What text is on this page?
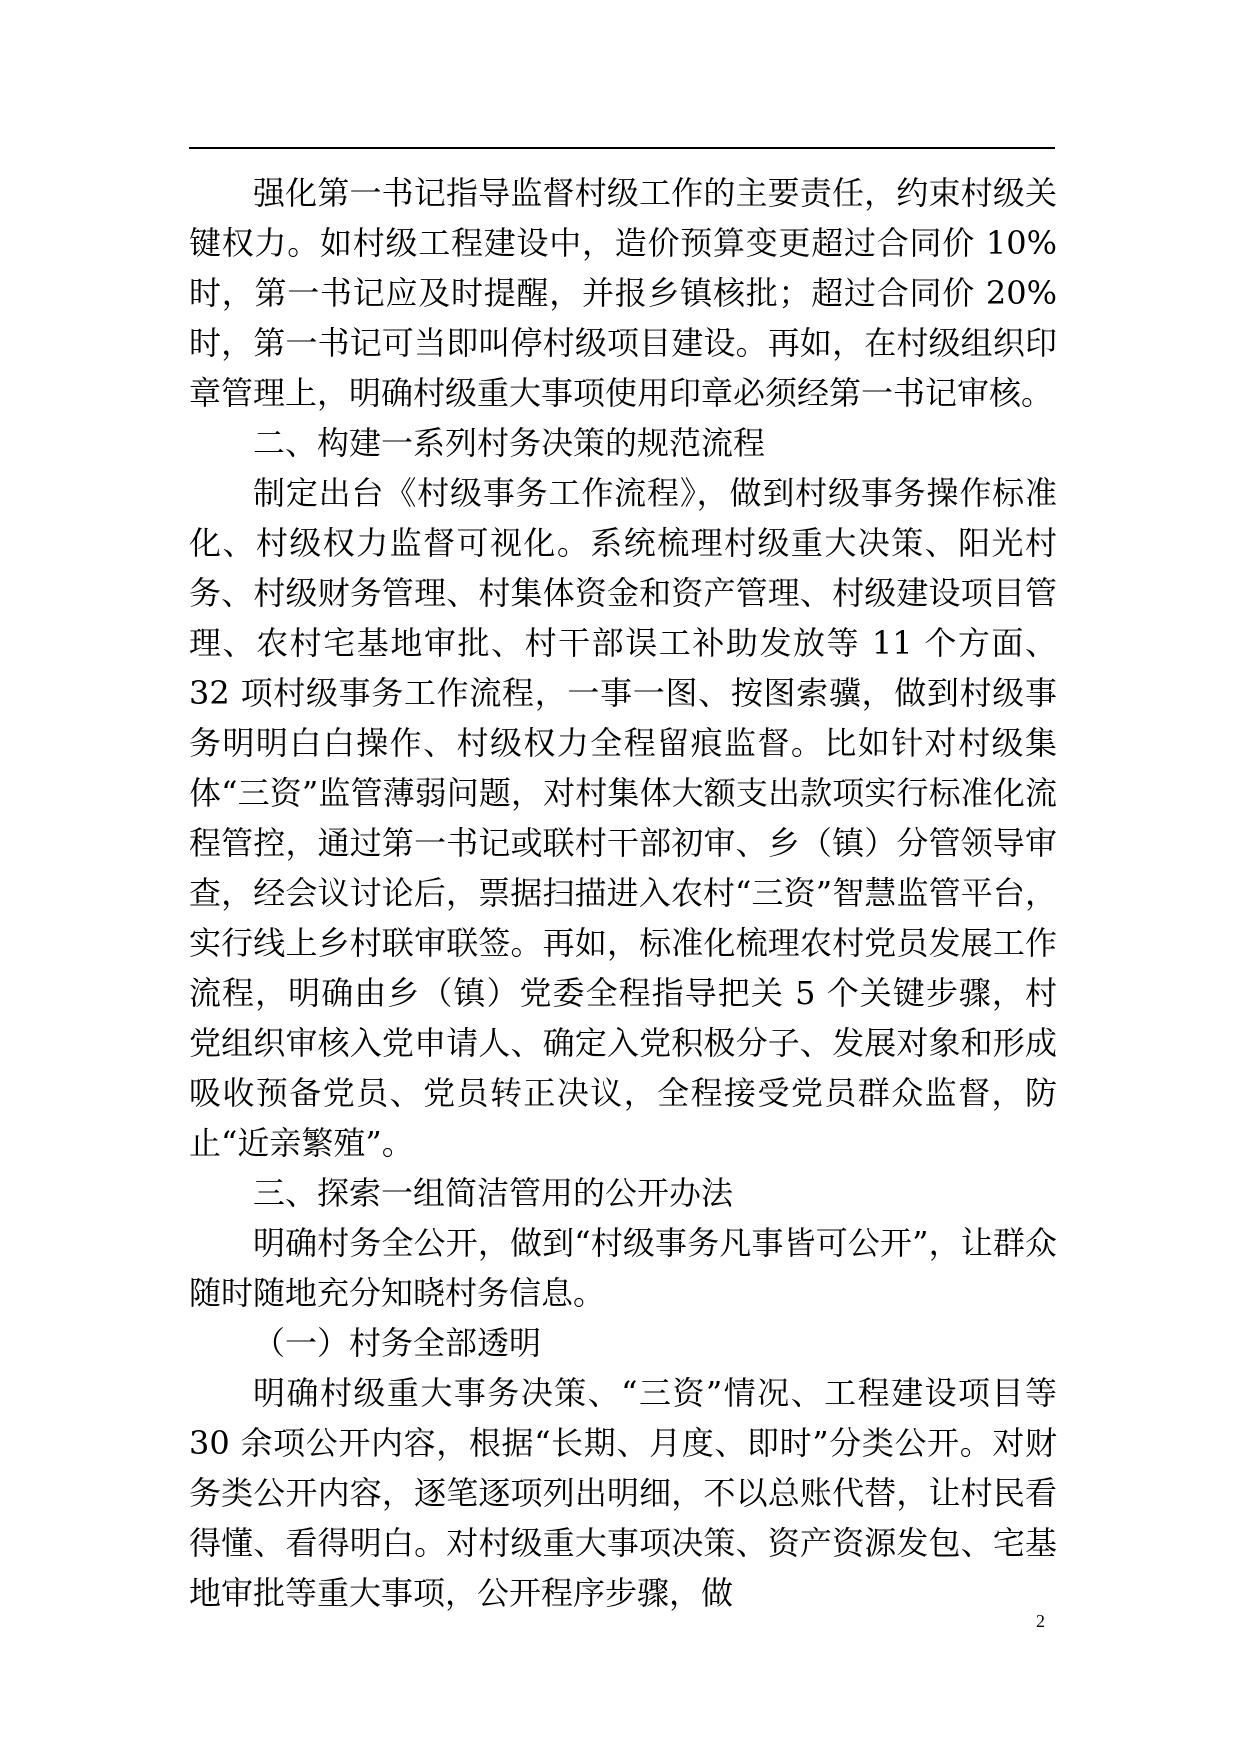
强化第一书记指导监督村级工作的主要责任，约束村级关键权力。如村级工程建设中，造价预算变更超过合同价 10%时，第一书记应及时提醒，并报乡镇核批；超过合同价 20%时，第一书记可当即叫停村级项目建设。再如，在村级组织印章管理上，明确村级重大事项使用印章必须经第一书记审核。

二、构建一系列村务决策的规范流程

制定出台《村级事务工作流程》，做到村级事务操作标准化、村级权力监督可视化。系统梳理村级重大决策、阳光村务、村级财务管理、村集体资金和资产管理、村级建设项目管理、农村宅基地审批、村干部误工补助发放等 11 个方面、32 项村级事务工作流程，一事一图、按图索骥，做到村级事务明明白白操作、村级权力全程留痕监督。比如针对村级集体“三资”监管薄弱问题，对村集体大额支出款项实行标准化流程管控，通过第一书记或联村干部初审、乡（镇）分管领导审查，经会议讨论后，票据扫描进入农村“三资”智慧监管平台，实行线上乡村联审联签。再如，标准化梳理农村党员发展工作流程，明确由乡（镇）党委全程指导把关 5 个关键步骤，村党组织审核入党申请人、确定入党积极分子、发展对象和形成吸收预备党员、党员转正决议，全程接受党员群众监督，防止“近亲繁殖”。

三、探索一组简洁管用的公开办法

明确村务全公开，做到“村级事务凡事皆可公开”，让群众随时随地充分知晓村务信息。

（一）村务全部透明

明确村级重大事务决策、“三资”情况、工程建设项目等 30 余项公开内容，根据“长期、月度、即时”分类公开。对财务类公开内容，逐笔逐项列出明细，不以总账代替，让村民看得懂、看得明白。对村级重大事项决策、资产资源发包、宅基地审批等重大事项，公开程序步骤，做

2
